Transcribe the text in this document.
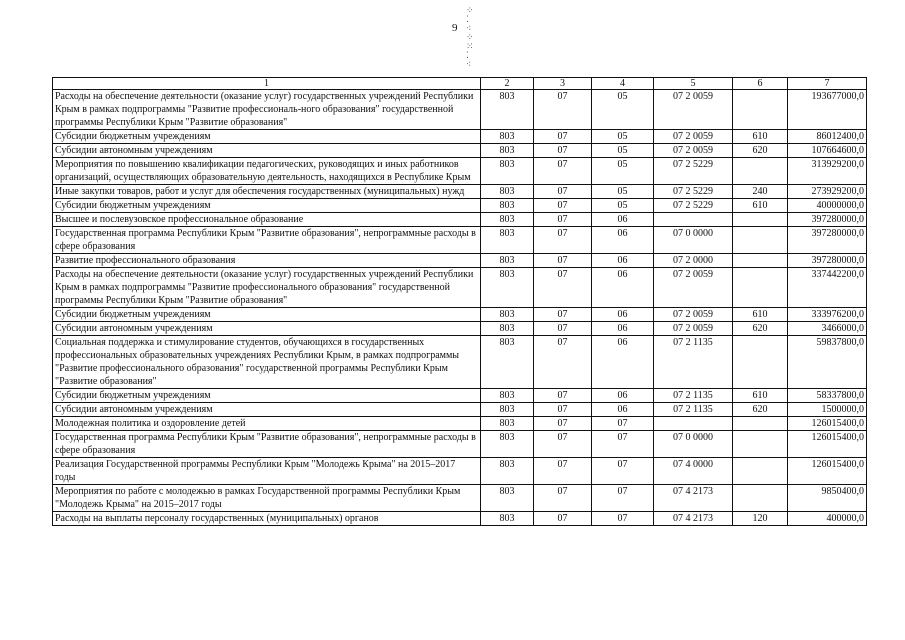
9
⁘
⁚
⁖
⁘
⁙
⁚
⁖
1	2	3	4	5	6	7
Расходы на обеспечение деятельности (оказание услуг) государственных учреждений Республики Крым в рамках подпрограммы "Развитие профессиональ-ного образования" государственной программы Республики Крым "Развитие образования"	803	07	05	07 2 0059		193677000,0
Субсидии бюджетным учреждениям	803	07	05	07 2 0059	610	86012400,0
Субсидии автономным учреждениям	803	07	05	07 2 0059	620	107664600,0
Мероприятия по повышению квалификации педагогических, руководящих и иных работников организаций, осуществляющих образовательную деятельность, находящихся в Республике Крым	803	07	05	07 2 5229		313929200,0
Иные закупки товаров, работ и услуг для обеспечения государственных (муниципальных) нужд	803	07	05	07 2 5229	240	273929200,0
Субсидии бюджетным учреждениям	803	07	05	07 2 5229	610	40000000,0
Высшее и послевузовское профессиональное образование	803	07	06			397280000,0
Государственная программа Республики Крым "Развитие образования", непрограммные расходы в сфере образования	803	07	06	07 0 0000		397280000,0
Развитие профессионального образования	803	07	06	07 2 0000		397280000,0
Расходы на обеспечение деятельности (оказание услуг) государственных учреждений Республики Крым в рамках подпрограммы "Развитие профессионального образования" государственной программы Республики Крым "Развитие образования"	803	07	06	07 2 0059		337442200,0
Субсидии бюджетным учреждениям	803	07	06	07 2 0059	610	333976200,0
Субсидии автономным учреждениям	803	07	06	07 2 0059	620	3466000,0
Социальная поддержка и стимулирование студентов, обучающихся в государственных профессиональных образовательных учреждениях Республики Крым, в рамках подпрограммы "Развитие профессионального образования" государственной программы Республики Крым "Развитие образования"	803	07	06	07 2 1135		59837800,0
Субсидии бюджетным учреждениям	803	07	06	07 2 1135	610	58337800,0
Субсидии автономным учреждениям	803	07	06	07 2 1135	620	1500000,0
Молодежная политика и оздоровление детей	803	07	07			126015400,0
Государственная программа Республики Крым "Развитие образования", непрограммные расходы в сфере образования	803	07	07	07 0 0000		126015400,0
Реализация Государственной программы Республики Крым "Молодежь Крыма" на 2015–2017 годы	803	07	07	07 4 0000		126015400,0
Мероприятия по работе с молодежью в рамках Государственной программы Республики Крым "Молодежь Крыма" на 2015–2017 годы	803	07	07	07 4 2173		9850400,0
Расходы на выплаты персоналу государственных (муниципальных) органов	803	07	07	07 4 2173	120	400000,0
